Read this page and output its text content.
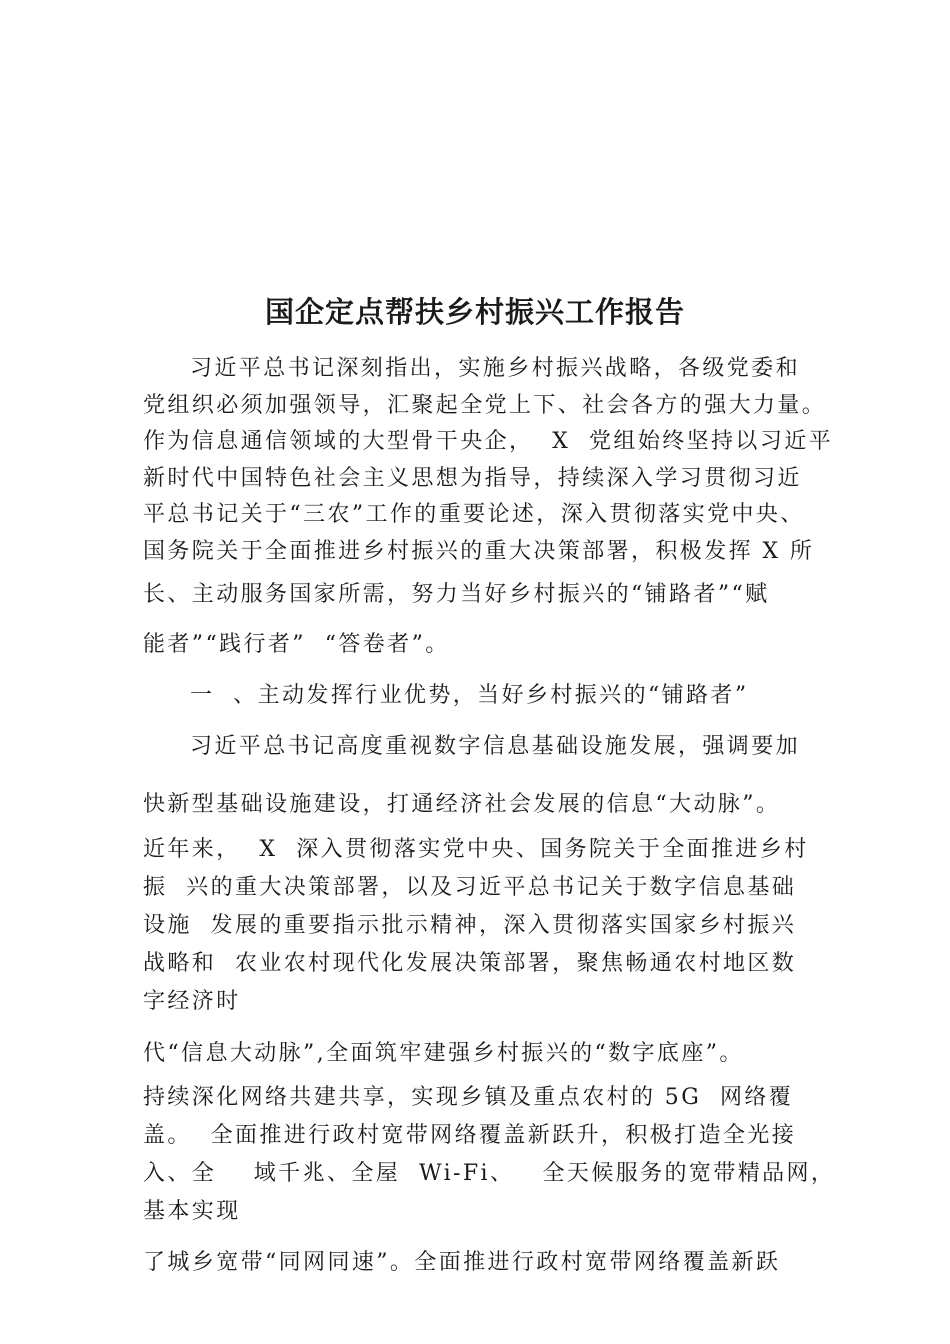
国企定点帮扶乡村振兴工作报告
习近平总书记深刻指出，实施乡村振兴战略，各级党委和
党组织必须加强领导，汇聚起全党上下、社会各方的强大力量。
作为信息通信领域的大型骨干央企，  X  党组始终坚持以习近平
新时代中国特色社会主义思想为指导，持续深入学习贯彻习近
平总书记关于“三农”工作的重要论述，深入贯彻落实党中央、
国务院关于全面推进乡村振兴的重大决策部署，积极发挥 X 所
长、主动服务国家所需，努力当好乡村振兴的“铺路者”“赋
能者”“践行者”  “答卷者”。
一  、主动发挥行业优势，当好乡村振兴的“铺路者”
习近平总书记高度重视数字信息基础设施发展，强调要加
快新型基础设施建设，打通经济社会发展的信息“大动脉”。
近年来，  X  深入贯彻落实党中央、国务院关于全面推进乡村
振  兴的重大决策部署，以及习近平总书记关于数字信息基础
设施  发展的重要指示批示精神，深入贯彻落实国家乡村振兴
战略和  农业农村现代化发展决策部署，聚焦畅通农村地区数
字经济时
代“信息大动脉”,全面筑牢建强乡村振兴的“数字底座”。
持续深化网络共建共享，实现乡镇及重点农村的 5G  网络覆
盖。  全面推进行政村宽带网络覆盖新跃升，积极打造全光接
入、全    域千兆、全屋  Wi-Fi、   全天候服务的宽带精品网，
基本实现
了城乡宽带“同网同速”。全面推进行政村宽带网络覆盖新跃
